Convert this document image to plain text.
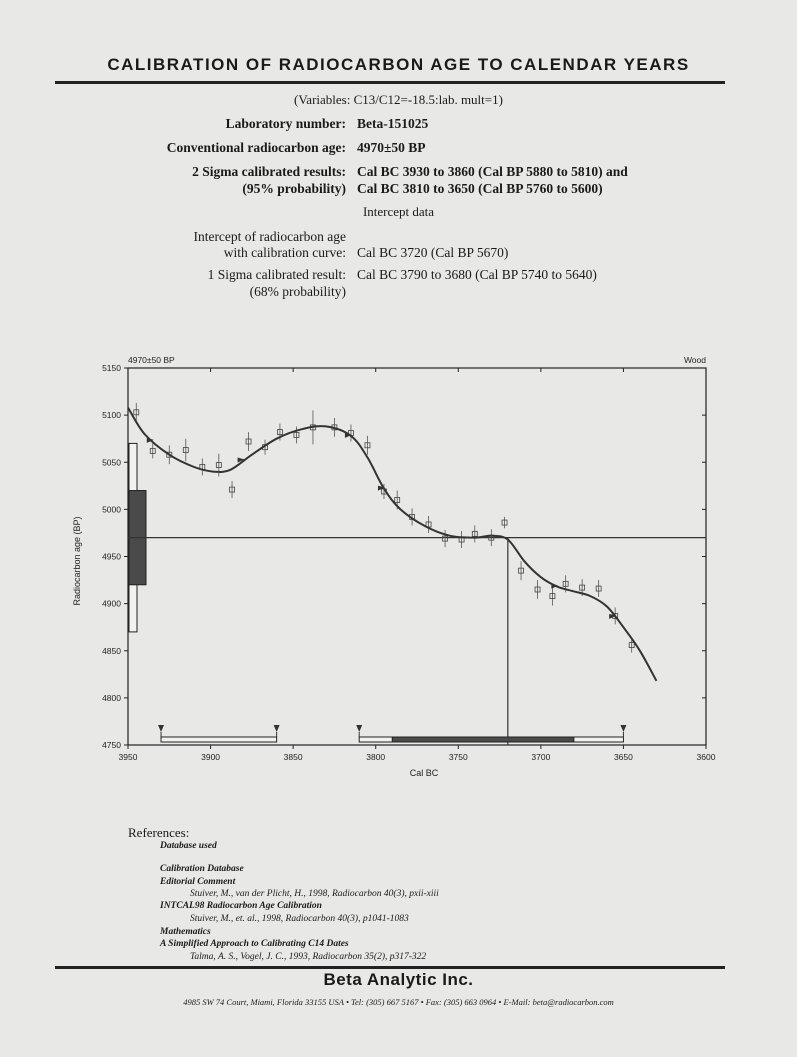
CALIBRATION OF RADIOCARBON AGE TO CALENDAR YEARS
(Variables: C13/C12=-18.5:lab. mult=1)
Laboratory number: Beta-151025
Conventional radiocarbon age: 4970±50 BP
2 Sigma calibrated results:
(95% probability)
Cal BC 3930 to 3860 (Cal BP 5880 to 5810) and
Cal BC 3810 to 3650 (Cal BP 5760 to 5600)
Intercept data
Intercept of radiocarbon age
with calibration curve: Cal BC 3720 (Cal BP 5670)
1 Sigma calibrated result:
(68% probability)
Cal BC 3790 to 3680 (Cal BP 5740 to 5640)
4970±50 BP	Wood
Cal BC
Radiocarbon age (BP)
4750
4800
4850
4900
4950
5000
5050
5100
5150
3950	3900	3850	3800	3750	3700	3650	3600
References:
Database used
Calibration Database
Editorial Comment
Stuiver, M., van der Plicht, H., 1998, Radiocarbon 40(3), pxii-xiii
INTCAL98 Radiocarbon Age Calibration
Stuiver, M., et. al., 1998, Radiocarbon 40(3), p1041-1083
Mathematics
A Simplified Approach to Calibrating C14 Dates
Talma, A. S., Vogel, J. C., 1993, Radiocarbon 35(2), p317-322
Beta Analytic Inc.
4985 SW 74 Court, Miami, Florida 33155 USA • Tel: (305) 667 5167 • Fax: (305) 663 0964 • E-Mail: beta@radiocarbon.com
